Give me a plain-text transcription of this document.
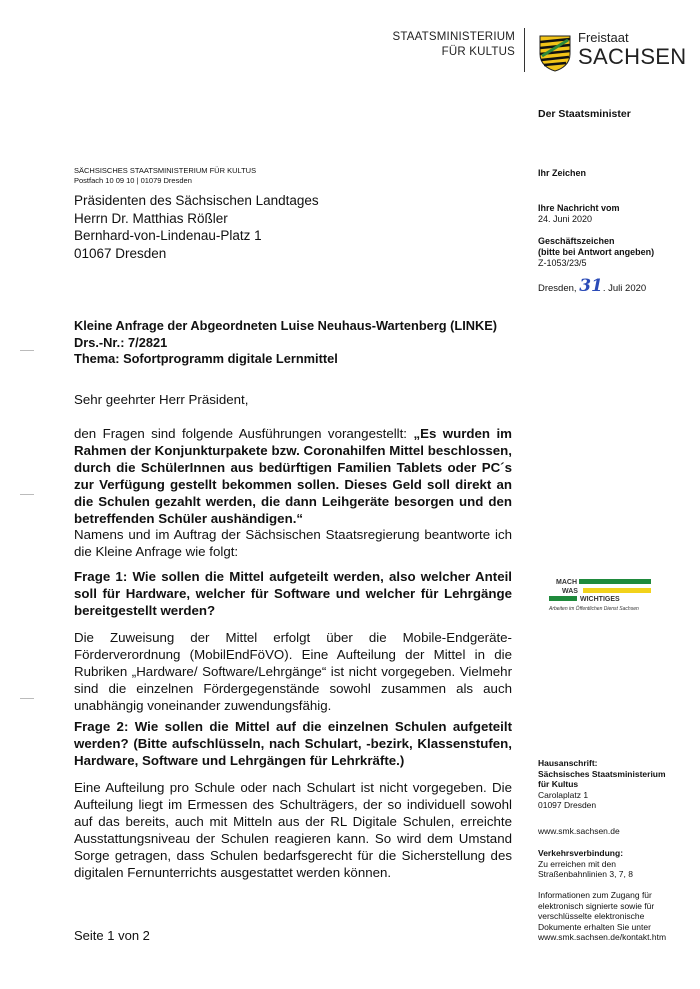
STAATSMINISTERIUM
FÜR KULTUS
Freistaat
SACHSEN
Der Staatsminister
SÄCHSISCHES STAATSMINISTERIUM FÜR KULTUS
Postfach 10 09 10 | 01079 Dresden
Präsidenten des Sächsischen Landtages
Herrn Dr. Matthias Rößler
Bernhard-von-Lindenau-Platz 1
01067 Dresden
Ihr Zeichen
Ihre Nachricht vom
24. Juni 2020
Geschäftszeichen
(bitte bei Antwort angeben)
Z-1053/23/5
Dresden, 31. Juli 2020
Kleine Anfrage der Abgeordneten Luise Neuhaus-Wartenberg (LINKE)
Drs.-Nr.: 7/2821
Thema: Sofortprogramm digitale Lernmittel
Sehr geehrter Herr Präsident,
den Fragen sind folgende Ausführungen vorangestellt: „Es wurden im Rahmen der Konjunkturpakete bzw. Coronahilfen Mittel beschlossen, durch die SchülerInnen aus bedürftigen Familien Tablets oder PC´s zur Verfügung gestellt bekommen sollen. Dieses Geld soll direkt an die Schulen gezahlt werden, die dann Leihgeräte besorgen und den betreffenden Schüler aushändigen.“
Namens und im Auftrag der Sächsischen Staatsregierung beantworte ich die Kleine Anfrage wie folgt:
Frage 1: Wie sollen die Mittel aufgeteilt werden, also welcher Anteil soll für Hardware, welcher für Software und welcher für Lehrgänge bereitgestellt werden?
Die Zuweisung der Mittel erfolgt über die Mobile-Endgeräte-Förderverordnung (MobilEndFöVO). Eine Aufteilung der Mittel in die Rubriken „Hardware/ Software/Lehrgänge“ ist nicht vorgegeben. Vielmehr sind die einzelnen Fördergegenstände sowohl zusammen als auch unabhängig voneinander zuwendungsfähig.
Frage 2: Wie sollen die Mittel auf die einzelnen Schulen aufgeteilt werden? (Bitte aufschlüsseln, nach Schulart, -bezirk, Klassenstufen, Hardware, Software und Lehrgängen für Lehrkräfte.)
Eine Aufteilung pro Schule oder nach Schulart ist nicht vorgegeben. Die Aufteilung liegt im Ermessen des Schulträgers, der so individuell sowohl auf das bereits, auch mit Mitteln aus der RL Digitale Schulen, erreichte Ausstattungsniveau der Schulen reagieren kann. So wird dem Umstand Sorge getragen, dass Schulen bedarfsgerecht für die Sicherstellung des digitalen Fernunterrichts ausgestattet werden können.
MACH
WAS
WICHTIGES
Arbeiten im Öffentlichen Dienst Sachsen
Hausanschrift:
Sächsisches Staatsministerium
für Kultus
Carolaplatz 1
01097 Dresden
www.smk.sachsen.de
Verkehrsverbindung:
Zu erreichen mit den
Straßenbahnlinien 3, 7, 8
Informationen zum Zugang für
elektronisch signierte sowie für
verschlüsselte elektronische
Dokumente erhalten Sie unter
www.smk.sachsen.de/kontakt.htm
Seite 1 von 2
